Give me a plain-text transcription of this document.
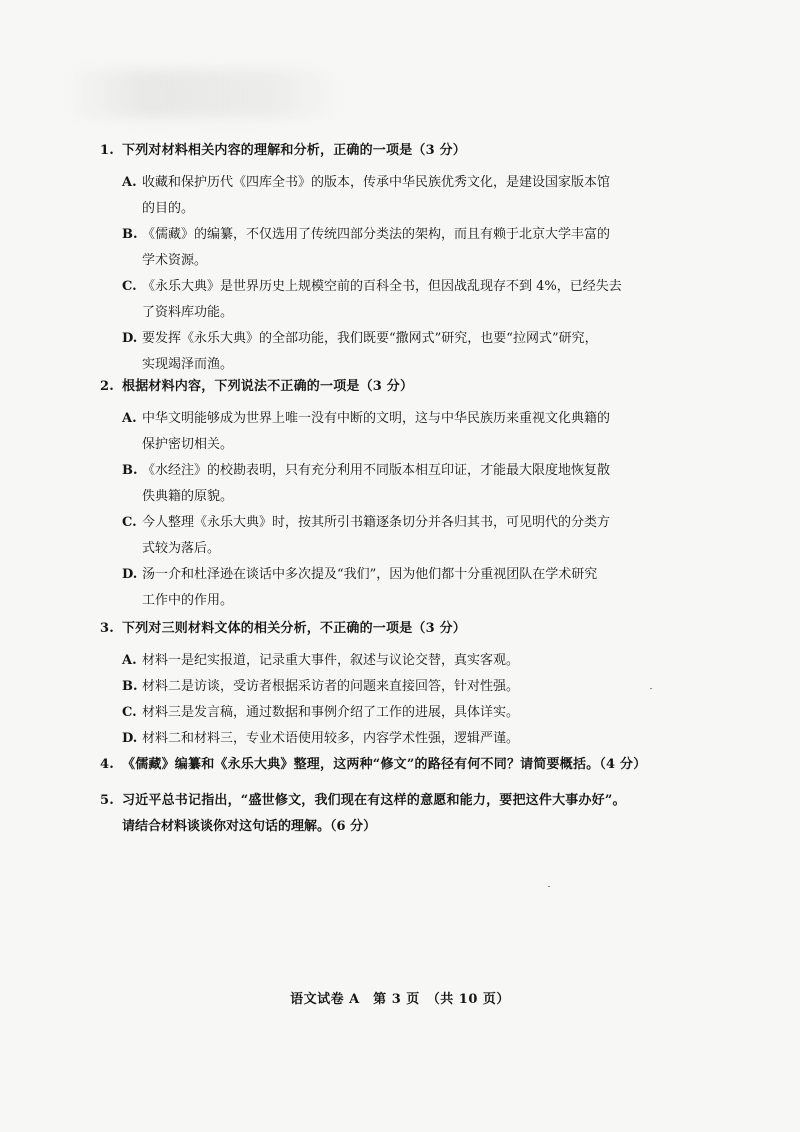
1. 下列对材料相关内容的理解和分析，正确的一项是（3 分）
A. 收藏和保护历代《四库全书》的版本，传承中华民族优秀文化，是建设国家版本馆
的目的。
B. 《儒藏》的编纂，不仅选用了传统四部分类法的架构，而且有赖于北京大学丰富的
学术资源。
C. 《永乐大典》是世界历史上规模空前的百科全书，但因战乱现存不到 4%，已经失去
了资料库功能。
D. 要发挥《永乐大典》的全部功能，我们既要“撒网式”研究，也要“拉网式”研究，
实现竭泽而渔。
2. 根据材料内容，下列说法不正确的一项是（3 分）
A. 中华文明能够成为世界上唯一没有中断的文明，这与中华民族历来重视文化典籍的
保护密切相关。
B. 《水经注》的校勘表明，只有充分利用不同版本相互印证，才能最大限度地恢复散
佚典籍的原貌。
C. 今人整理《永乐大典》时，按其所引书籍逐条切分并各归其书，可见明代的分类方
式较为落后。
D. 汤一介和杜泽逊在谈话中多次提及“我们”，因为他们都十分重视团队在学术研究
工作中的作用。
3. 下列对三则材料文体的相关分析，不正确的一项是（3 分）
A. 材料一是纪实报道，记录重大事件，叙述与议论交替，真实客观。
B. 材料二是访谈，受访者根据采访者的问题来直接回答，针对性强。
C. 材料三是发言稿，通过数据和事例介绍了工作的进展，具体详实。
D. 材料二和材料三，专业术语使用较多，内容学术性强，逻辑严谨。
4. 《儒藏》编纂和《永乐大典》整理，这两种“修文”的路径有何不同？请简要概括。（4 分）
5. 习近平总书记指出，“盛世修文，我们现在有这样的意愿和能力，要把这件大事办好”。
请结合材料谈谈你对这句话的理解。（6 分）
语文试卷 A　第 3 页　（共 10 页）
